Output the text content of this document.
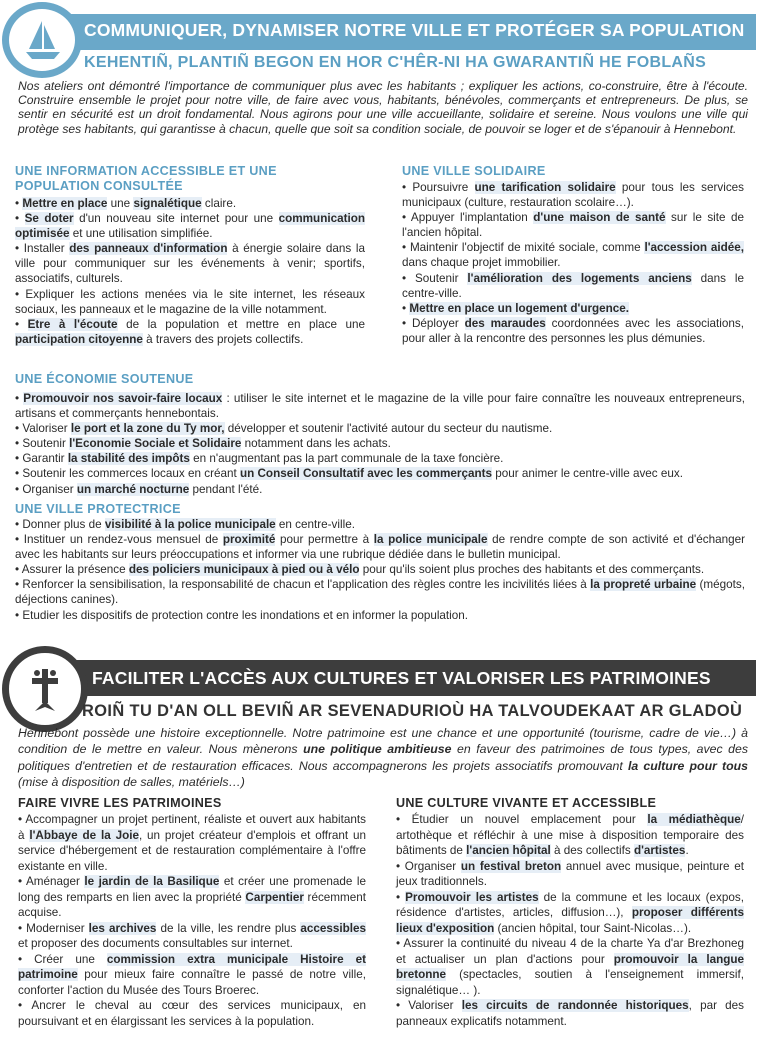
COMMUNIQUER, DYNAMISER NOTRE VILLE ET PROTÉGER SA POPULATION
KEHENTIÑ, PLANTIÑ BEGON EN HOR C'HÊR-NI HA GWARANTIÑ HE FOBLAÑS
Nos ateliers ont démontré l'importance de communiquer plus avec les habitants ; expliquer les actions, co-construire, être à l'écoute. Construire ensemble le projet pour notre ville, de faire avec vous, habitants, bénévoles, commerçants et entrepreneurs. De plus, se sentir en sécurité est un droit fondamental. Nous agirons pour une ville accueillante, solidaire et sereine. Nous voulons une ville qui protège ses habitants, qui garantisse à chacun, quelle que soit sa condition sociale, de pouvoir se loger et de s'épanouir à Hennebont.
UNE INFORMATION ACCESSIBLE ET UNE POPULATION CONSULTÉE

• Mettre en place une signalétique claire.

• Se doter d'un nouveau site internet pour une communication optimisée et une utilisation simplifiée.

• Installer des panneaux d'information à énergie solaire dans la ville pour communiquer sur les événements à venir; sportifs, associatifs, culturels.

• Expliquer les actions menées via le site internet, les réseaux sociaux, les panneaux et le magazine de la ville notamment.

• Etre à l'écoute de la population et mettre en place une participation citoyenne à travers des projets collectifs.

UNE VILLE SOLIDAIRE

• Poursuivre une tarification solidaire pour tous les services municipaux (culture, restauration scolaire…).

• Appuyer l'implantation d'une maison de santé sur le site de l'ancien hôpital.

• Maintenir l'objectif de mixité sociale, comme l'accession aidée, dans chaque projet immobilier.

• Soutenir l'amélioration des logements anciens dans le centre-ville.

• Mettre en place un logement d'urgence.

• Déployer des maraudes coordonnées avec les associations, pour aller à la rencontre des personnes les plus démunies.

UNE ÉCONOMIE SOUTENUE

• Promouvoir nos savoir-faire locaux : utiliser le site internet et le magazine de la ville pour faire connaître les nouveaux entrepreneurs, artisans et commerçants hennebontais.

• Valoriser le port et la zone du Ty mor, développer et soutenir l'activité autour du secteur du nautisme.

• Soutenir l'Economie Sociale et Solidaire notamment dans les achats.

• Garantir la stabilité des impôts en n'augmentant pas la part communale de la taxe foncière.

• Soutenir les commerces locaux en créant un Conseil Consultatif avec les commerçants pour animer le centre-ville avec eux.

• Organiser un marché nocturne pendant l'été.

UNE VILLE PROTECTRICE

• Donner plus de visibilité à la police municipale en centre-ville.

• Instituer un rendez-vous mensuel de proximité pour permettre à la police municipale de rendre compte de son activité et d'échanger avec les habitants sur leurs préoccupations et informer via une rubrique dédiée dans le bulletin municipal.

• Assurer la présence des policiers municipaux à pied ou à vélo pour qu'ils soient plus proches des habitants et des commerçants.

• Renforcer la sensibilisation, la responsabilité de chacun et l'application des règles contre les incivilités liées à la propreté urbaine (mégots, déjections canines).

• Etudier les dispositifs de protection contre les inondations et en informer la population.

FACILITER L'ACCÈS AUX CULTURES ET VALORISER LES PATRIMOINES
ROIÑ TU D'AN OLL BEVIÑ AR SEVENADURIOÙ HA TALVOUDEKAAT AR GLADOÙ
Hennebont possède une histoire exceptionnelle. Notre patrimoine est une chance et une opportunité (tourisme, cadre de vie…) à condition de le mettre en valeur. Nous mènerons une politique ambitieuse en faveur des patrimoines de tous types, avec des politiques d'entretien et de restauration efficaces. Nous accompagnerons les projets associatifs promouvant la culture pour tous (mise à disposition de salles, matériels…)
FAIRE VIVRE LES PATRIMOINES

• Accompagner un projet pertinent, réaliste et ouvert aux habitants à l'Abbaye de la Joie, un projet créateur d'emplois et offrant un service d'hébergement et de restauration complémentaire à l'offre existante en ville.

• Aménager le jardin de la Basilique et créer une promenade le long des remparts en lien avec la propriété Carpentier récemment acquise.

• Moderniser les archives de la ville, les rendre plus accessibles et proposer des documents consultables sur internet.

• Créer une commission extra municipale Histoire et patrimoine pour mieux faire connaître le passé de notre ville, conforter l'action du Musée des Tours Broerec.

• Ancrer le cheval au cœur des services municipaux, en poursuivant et en élargissant les services à la population.

UNE CULTURE VIVANTE ET ACCESSIBLE

• Étudier un nouvel emplacement pour la médiathèque/ artothèque et réfléchir à une mise à disposition temporaire des bâtiments de l'ancien hôpital à des collectifs d'artistes.

• Organiser un festival breton annuel avec musique, peinture et jeux traditionnels.

• Promouvoir les artistes de la commune et les locaux (expos, résidence d'artistes, articles, diffusion…), proposer différents lieux d'exposition (ancien hôpital, tour Saint-Nicolas…).

• Assurer la continuité du niveau 4 de la charte Ya d'ar Brezhoneg et actualiser un plan d'actions pour promouvoir la langue bretonne (spectacles, soutien à l'enseignement immersif, signalétique… ).

• Valoriser les circuits de randonnée historiques, par des panneaux explicatifs notamment.
